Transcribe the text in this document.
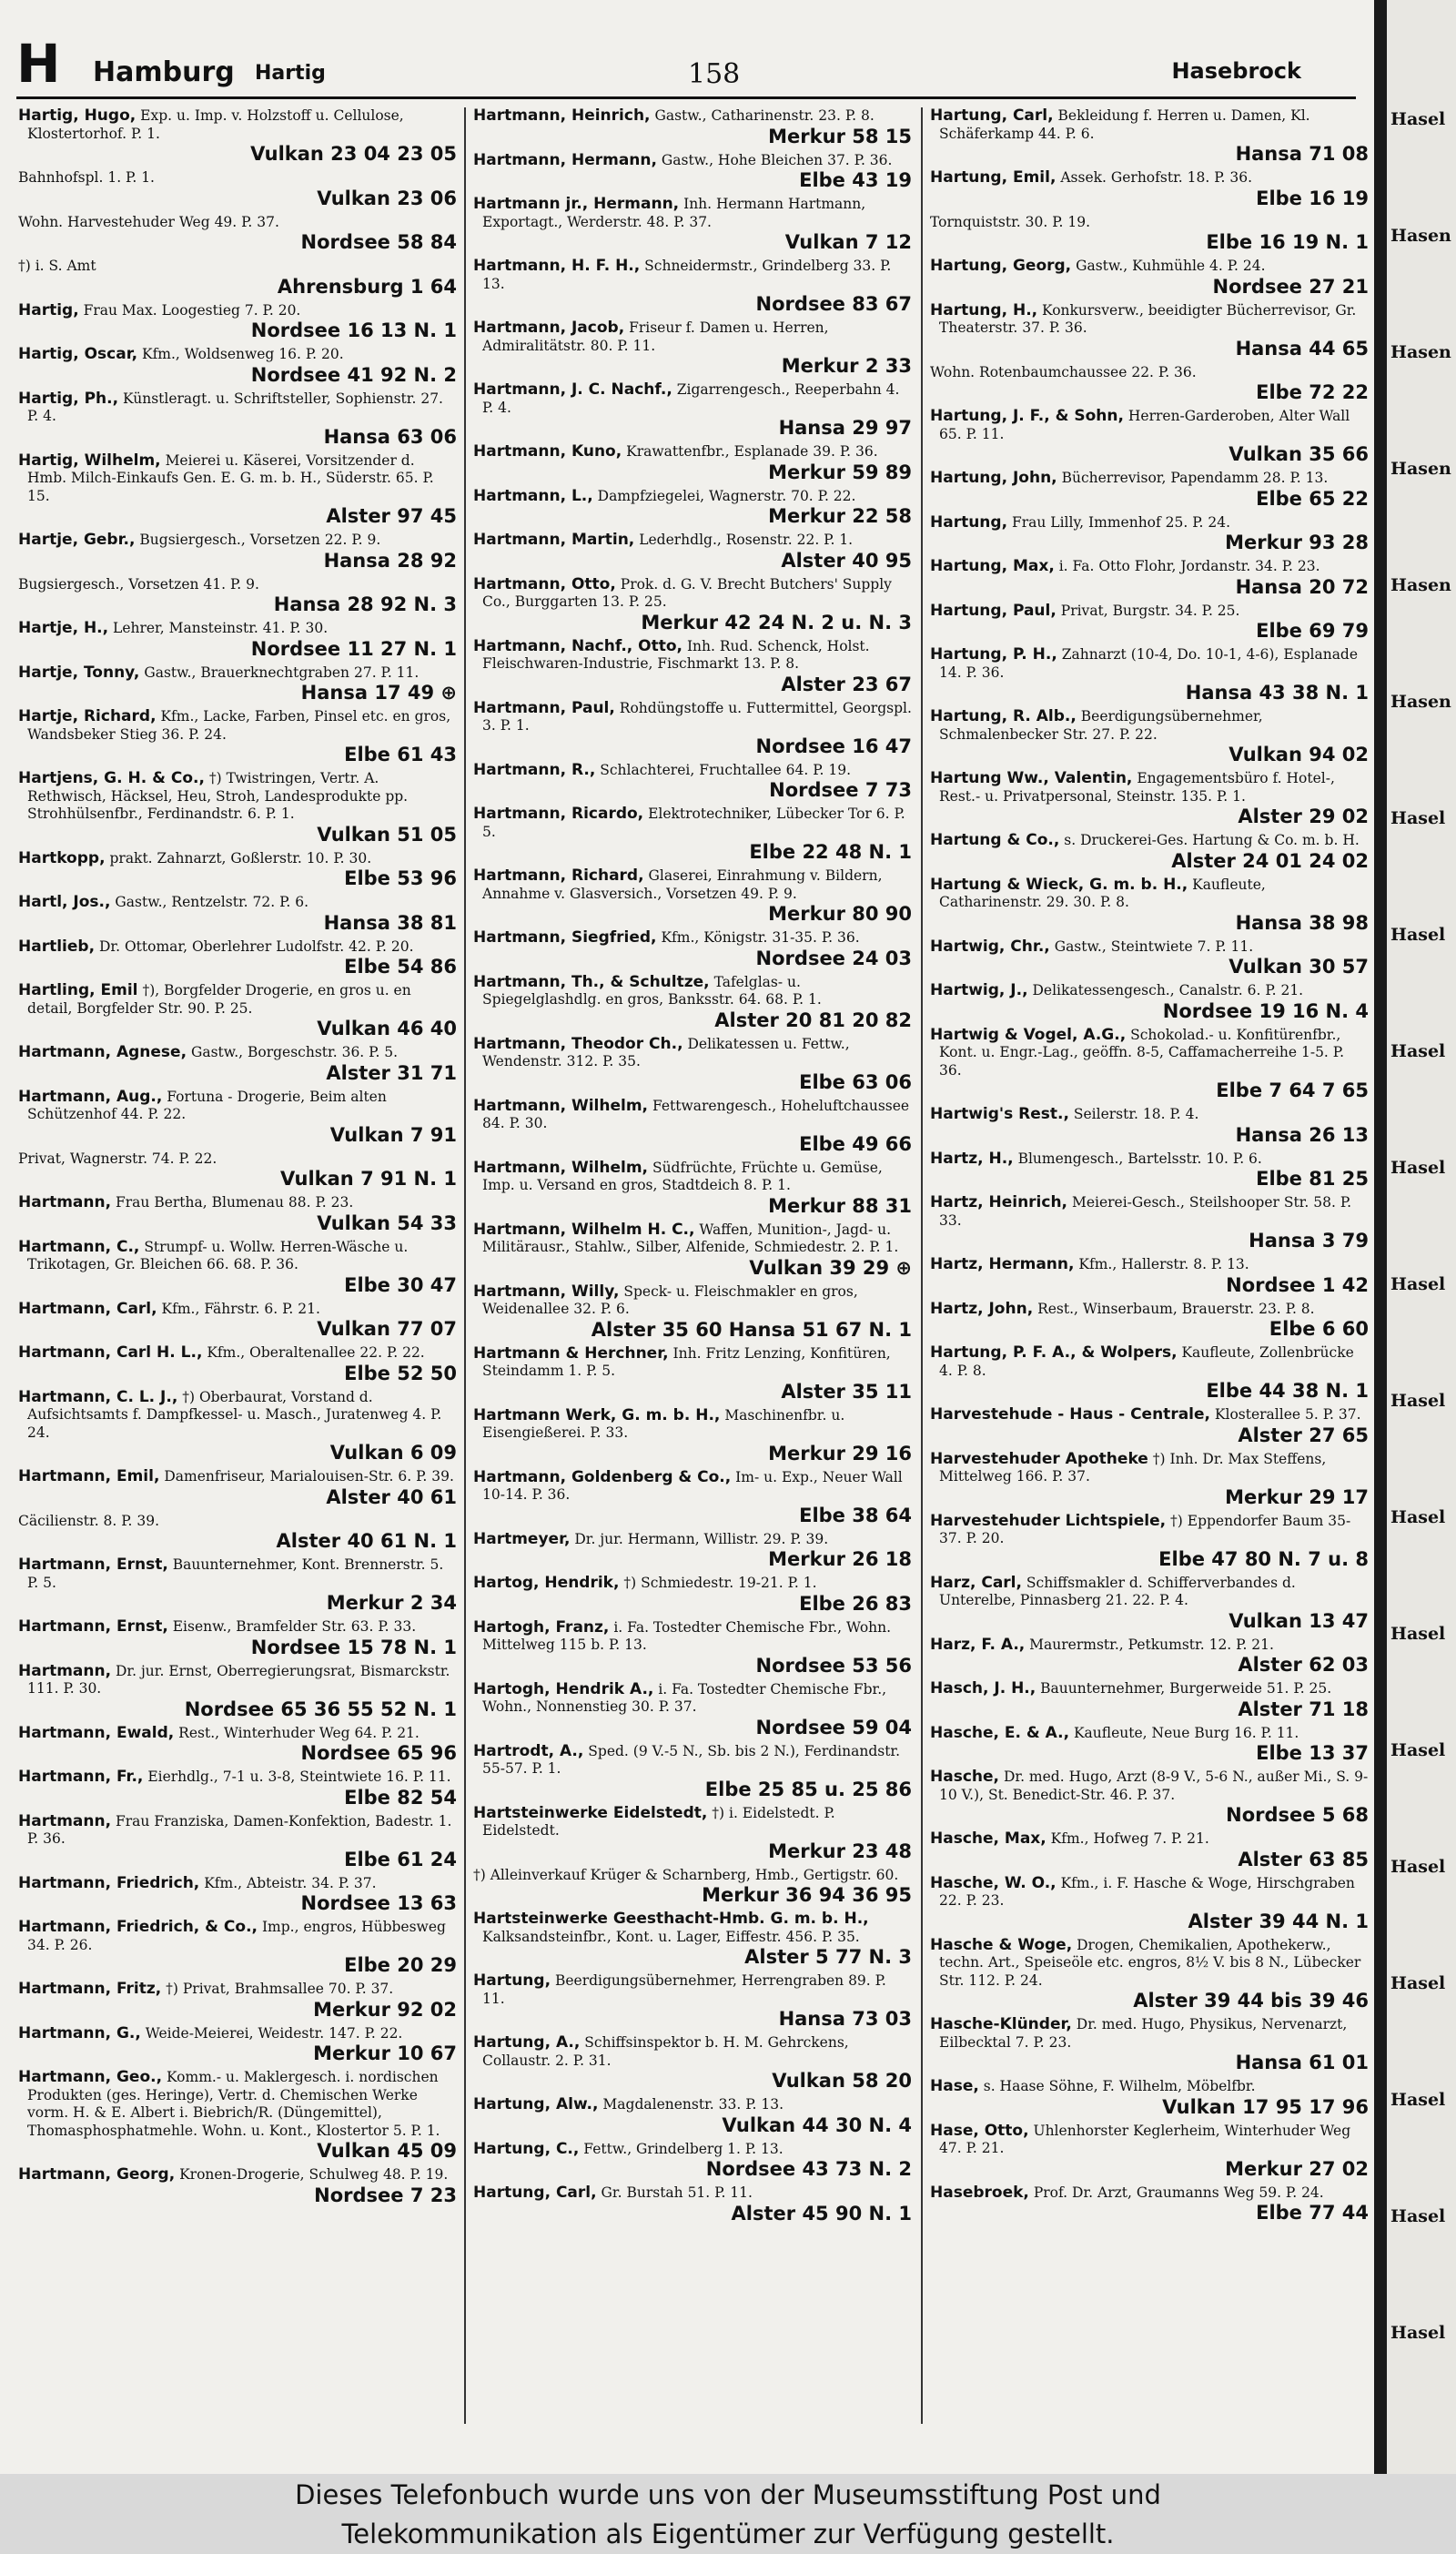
H Hamburg Hartig	158	Hasebrock
Hartig, Hugo, Exp. u. Imp. v. Holzstoff u. Cellulose, Klostertorhof. P. 1.
Vulkan 23 04 23 05
Bahnhofspl. 1. P. 1.
Vulkan 23 06
Wohn. Harvestehuder Weg 49. P. 37.
Nordsee 58 84
†) i. S. Amt
Ahrensburg 1 64
Hartig, Frau Max. Loogestieg 7. P. 20.
Nordsee 16 13 N. 1
Hartig, Oscar, Kfm., Woldsenweg 16. P. 20.
Nordsee 41 92 N. 2
Hartig, Ph., Künstleragt. u. Schriftsteller, Sophienstr. 27. P. 4.
Hansa 63 06
Hartig, Wilhelm, Meierei u. Käserei, Vorsitzender d. Hmb. Milch-Einkaufs Gen. E. G. m. b. H., Süderstr. 65. P. 15.
Alster 97 45
Hartje, Gebr., Bugsiergesch., Vorsetzen 22. P. 9.
Hansa 28 92
Bugsiergesch., Vorsetzen 41. P. 9.
Hansa 28 92 N. 3
Hartje, H., Lehrer, Mansteinstr. 41. P. 30.
Nordsee 11 27 N. 1
Hartje, Tonny, Gastw., Brauerknechtgraben 27. P. 11.
Hansa 17 49 ⊕
Hartje, Richard, Kfm., Lacke, Farben, Pinsel etc. en gros, Wandsbeker Stieg 36. P. 24.
Elbe 61 43
Hartjens, G. H. & Co., †) Twistringen, Vertr. A. Rethwisch, Häcksel, Heu, Stroh, Landesprodukte pp. Strohhülsenfbr., Ferdinandstr. 6. P. 1.
Vulkan 51 05
Hartkopp, prakt. Zahnarzt, Goßlerstr. 10. P. 30.
Elbe 53 96
Hartl, Jos., Gastw., Rentzelstr. 72. P. 6.
Hansa 38 81
Hartlieb, Dr. Ottomar, Oberlehrer Ludolfstr. 42. P. 20.
Elbe 54 86
Hartling, Emil †), Borgfelder Drogerie, en gros u. en detail, Borgfelder Str. 90. P. 25.
Vulkan 46 40
Hartmann, Agnese, Gastw., Borgeschstr. 36. P. 5.
Alster 31 71
Hartmann, Aug., Fortuna - Drogerie, Beim alten Schützenhof 44. P. 22.
Vulkan 7 91
Privat, Wagnerstr. 74. P. 22.
Vulkan 7 91 N. 1
Hartmann, Frau Bertha, Blumenau 88. P. 23.
Vulkan 54 33
Hartmann, C., Strumpf- u. Wollw. Herren-Wäsche u. Trikotagen, Gr. Bleichen 66. 68. P. 36.
Elbe 30 47
Hartmann, Carl, Kfm., Fährstr. 6. P. 21.
Vulkan 77 07
Hartmann, Carl H. L., Kfm., Oberaltenallee 22. P. 22.
Elbe 52 50
Hartmann, C. L. J., †) Oberbaurat, Vorstand d. Aufsichtsamts f. Dampfkessel- u. Masch., Juratenweg 4. P. 24.
Vulkan 6 09
Hartmann, Emil, Damenfriseur, Marialouisen-Str. 6. P. 39.
Alster 40 61
Cäcilienstr. 8. P. 39.
Alster 40 61 N. 1
Hartmann, Ernst, Bauunternehmer, Kont. Brennerstr. 5. P. 5.
Merkur 2 34
Hartmann, Ernst, Eisenw., Bramfelder Str. 63. P. 33.
Nordsee 15 78 N. 1
Hartmann, Dr. jur. Ernst, Oberregierungsrat, Bismarckstr. 111. P. 30.
Nordsee 65 36 55 52 N. 1
Hartmann, Ewald, Rest., Winterhuder Weg 64. P. 21.
Nordsee 65 96
Hartmann, Fr., Eierhdlg., 7-1 u. 3-8, Steintwiete 16. P. 11.
Elbe 82 54
Hartmann, Frau Franziska, Damen-Konfektion, Badestr. 1. P. 36.
Elbe 61 24
Hartmann, Friedrich, Kfm., Abteistr. 34. P. 37.
Nordsee 13 63
Hartmann, Friedrich, & Co., Imp., engros, Hübbesweg 34. P. 26.
Elbe 20 29
Hartmann, Fritz, †) Privat, Brahmsallee 70. P. 37.
Merkur 92 02
Hartmann, G., Weide-Meierei, Weidestr. 147. P. 22.
Merkur 10 67
Hartmann, Geo., Komm.- u. Maklergesch. i. nordischen Produkten (ges. Heringe), Vertr. d. Chemischen Werke vorm. H. & E. Albert i. Biebrich/R. (Düngemittel), Thomasphosphatmehle. Wohn. u. Kont., Klostertor 5. P. 1.
Vulkan 45 09
Hartmann, Georg, Kronen-Drogerie, Schulweg 48. P. 19.
Nordsee 7 23
Hartmann, Heinrich, Gastw., Catharinenstr. 23. P. 8.
Merkur 58 15
Hartmann, Hermann, Gastw., Hohe Bleichen 37. P. 36.
Elbe 43 19
Hartmann jr., Hermann, Inh. Hermann Hartmann, Exportagt., Werderstr. 48. P. 37.
Vulkan 7 12
Hartmann, H. F. H., Schneidermstr., Grindelberg 33. P. 13.
Nordsee 83 67
Hartmann, Jacob, Friseur f. Damen u. Herren, Admiralitätstr. 80. P. 11.
Merkur 2 33
Hartmann, J. C. Nachf., Zigarrengesch., Reeperbahn 4. P. 4.
Hansa 29 97
Hartmann, Kuno, Krawattenfbr., Esplanade 39. P. 36.
Merkur 59 89
Hartmann, L., Dampfziegelei, Wagnerstr. 70. P. 22.
Merkur 22 58
Hartmann, Martin, Lederhdlg., Rosenstr. 22. P. 1.
Alster 40 95
Hartmann, Otto, Prok. d. G. V. Brecht Butchers' Supply Co., Burggarten 13. P. 25.
Merkur 42 24 N. 2 u. N. 3
Hartmann, Nachf., Otto, Inh. Rud. Schenck, Holst. Fleischwaren-Industrie, Fischmarkt 13. P. 8.
Alster 23 67
Hartmann, Paul, Rohdüngstoffe u. Futtermittel, Georgspl. 3. P. 1.
Nordsee 16 47
Hartmann, R., Schlachterei, Fruchtallee 64. P. 19.
Nordsee 7 73
Hartmann, Ricardo, Elektrotechniker, Lübecker Tor 6. P. 5.
Elbe 22 48 N. 1
Hartmann, Richard, Glaserei, Einrahmung v. Bildern, Annahme v. Glasversich., Vorsetzen 49. P. 9.
Merkur 80 90
Hartmann, Siegfried, Kfm., Königstr. 31-35. P. 36.
Nordsee 24 03
Hartmann, Th., & Schultze, Tafelglas- u. Spiegelglashdlg. en gros, Banksstr. 64. 68. P. 1.
Alster 20 81 20 82
Hartmann, Theodor Ch., Delikatessen u. Fettw., Wendenstr. 312. P. 35.
Elbe 63 06
Hartmann, Wilhelm, Fettwarengesch., Hoheluftchaussee 84. P. 30.
Elbe 49 66
Hartmann, Wilhelm, Südfrüchte, Früchte u. Gemüse, Imp. u. Versand en gros, Stadtdeich 8. P. 1.
Merkur 88 31
Hartmann, Wilhelm H. C., Waffen, Munition-, Jagd- u. Militärausr., Stahlw., Silber, Alfenide, Schmiedestr. 2. P. 1.
Vulkan 39 29 ⊕
Hartmann, Willy, Speck- u. Fleischmakler en gros, Weidenallee 32. P. 6.
Alster 35 60 Hansa 51 67 N. 1
Hartmann & Herchner, Inh. Fritz Lenzing, Konfitüren, Steindamm 1. P. 5.
Alster 35 11
Hartmann Werk, G. m. b. H., Maschinenfbr. u. Eisengießerei. P. 33.
Merkur 29 16
Hartmann, Goldenberg & Co., Im- u. Exp., Neuer Wall 10-14. P. 36.
Elbe 38 64
Hartmeyer, Dr. jur. Hermann, Willistr. 29. P. 39.
Merkur 26 18
Hartog, Hendrik, †) Schmiedestr. 19-21. P. 1.
Elbe 26 83
Hartogh, Franz, i. Fa. Tostedter Chemische Fbr., Wohn. Mittelweg 115 b. P. 13.
Nordsee 53 56
Hartogh, Hendrik A., i. Fa. Tostedter Chemische Fbr., Wohn., Nonnenstieg 30. P. 37.
Nordsee 59 04
Hartrodt, A., Sped. (9 V.-5 N., Sb. bis 2 N.), Ferdinandstr. 55-57. P. 1.
Elbe 25 85 u. 25 86
Hartsteinwerke Eidelstedt, †) i. Eidelstedt. P. Eidelstedt.
Merkur 23 48
†) Alleinverkauf Krüger & Scharnberg, Hmb., Gertigstr. 60.
Merkur 36 94 36 95
Hartsteinwerke Geesthacht-Hmb. G. m. b. H., Kalksandsteinfbr., Kont. u. Lager, Eiffestr. 456. P. 35.
Alster 5 77 N. 3
Hartung, Beerdigungsübernehmer, Herrengraben 89. P. 11.
Hansa 73 03
Hartung, A., Schiffsinspektor b. H. M. Gehrckens, Collaustr. 2. P. 31.
Vulkan 58 20
Hartung, Alw., Magdalenenstr. 33. P. 13.
Vulkan 44 30 N. 4
Hartung, C., Fettw., Grindelberg 1. P. 13.
Nordsee 43 73 N. 2
Hartung, Carl, Gr. Burstah 51. P. 11.
Alster 45 90 N. 1
Hartung, Carl, Bekleidung f. Herren u. Damen, Kl. Schäferkamp 44. P. 6.
Hansa 71 08
Hartung, Emil, Assek. Gerhofstr. 18. P. 36.
Elbe 16 19
Tornquiststr. 30. P. 19.
Elbe 16 19 N. 1
Hartung, Georg, Gastw., Kuhmühle 4. P. 24.
Nordsee 27 21
Hartung, H., Konkursverw., beeidigter Bücherrevisor, Gr. Theaterstr. 37. P. 36.
Hansa 44 65
Wohn. Rotenbaumchaussee 22. P. 36.
Elbe 72 22
Hartung, J. F., & Sohn, Herren-Garderoben, Alter Wall 65. P. 11.
Vulkan 35 66
Hartung, John, Bücherrevisor, Papendamm 28. P. 13.
Elbe 65 22
Hartung, Frau Lilly, Immenhof 25. P. 24.
Merkur 93 28
Hartung, Max, i. Fa. Otto Flohr, Jordanstr. 34. P. 23.
Hansa 20 72
Hartung, Paul, Privat, Burgstr. 34. P. 25.
Elbe 69 79
Hartung, P. H., Zahnarzt (10-4, Do. 10-1, 4-6), Esplanade 14. P. 36.
Hansa 43 38 N. 1
Hartung, R. Alb., Beerdigungsübernehmer, Schmalenbecker Str. 27. P. 22.
Vulkan 94 02
Hartung Ww., Valentin, Engagementsbüro f. Hotel-, Rest.- u. Privatpersonal, Steinstr. 135. P. 1.
Alster 29 02
Hartung & Co., s. Druckerei-Ges. Hartung & Co. m. b. H.
Alster 24 01 24 02
Hartung & Wieck, G. m. b. H., Kaufleute, Catharinenstr. 29. 30. P. 8.
Hansa 38 98
Hartwig, Chr., Gastw., Steintwiete 7. P. 11.
Vulkan 30 57
Hartwig, J., Delikatessengesch., Canalstr. 6. P. 21.
Nordsee 19 16 N. 4
Hartwig & Vogel, A.G., Schokolad.- u. Konfitürenfbr., Kont. u. Engr.-Lag., geöffn. 8-5, Caffamacherreihe 1-5. P. 36.
Elbe 7 64 7 65
Hartwig's Rest., Seilerstr. 18. P. 4.
Hansa 26 13
Hartz, H., Blumengesch., Bartelsstr. 10. P. 6.
Elbe 81 25
Hartz, Heinrich, Meierei-Gesch., Steilshooper Str. 58. P. 33.
Hansa 3 79
Hartz, Hermann, Kfm., Hallerstr. 8. P. 13.
Nordsee 1 42
Hartz, John, Rest., Winserbaum, Brauerstr. 23. P. 8.
Elbe 6 60
Hartung, P. F. A., & Wolpers, Kaufleute, Zollenbrücke 4. P. 8.
Elbe 44 38 N. 1
Harvestehude - Haus - Centrale, Klosterallee 5. P. 37.
Alster 27 65
Harvestehuder Apotheke †) Inh. Dr. Max Steffens, Mittelweg 166. P. 37.
Merkur 29 17
Harvestehuder Lichtspiele, †) Eppendorfer Baum 35-37. P. 20.
Elbe 47 80 N. 7 u. 8
Harz, Carl, Schiffsmakler d. Schifferverbandes d. Unterelbe, Pinnasberg 21. 22. P. 4.
Vulkan 13 47
Harz, F. A., Maurermstr., Petkumstr. 12. P. 21.
Alster 62 03
Hasch, J. H., Bauunternehmer, Burgerweide 51. P. 25.
Alster 71 18
Hasche, E. & A., Kaufleute, Neue Burg 16. P. 11.
Elbe 13 37
Hasche, Dr. med. Hugo, Arzt (8-9 V., 5-6 N., außer Mi., S. 9-10 V.), St. Benedict-Str. 46. P. 37.
Nordsee 5 68
Hasche, Max, Kfm., Hofweg 7. P. 21.
Alster 63 85
Hasche, W. O., Kfm., i. F. Hasche & Woge, Hirschgraben 22. P. 23.
Alster 39 44 N. 1
Hasche & Woge, Drogen, Chemikalien, Apothekerw., techn. Art., Speiseöle etc. engros, 8½ V. bis 8 N., Lübecker Str. 112. P. 24.
Alster 39 44 bis 39 46
Hasche-Klünder, Dr. med. Hugo, Physikus, Nervenarzt, Eilbecktal 7. P. 23.
Hansa 61 01
Hase, s. Haase Söhne, F. Wilhelm, Möbelfbr.
Vulkan 17 95 17 96
Hase, Otto, Uhlenhorster Keglerheim, Winterhuder Weg 47. P. 21.
Merkur 27 02
Hasebroek, Prof. Dr. Arzt, Graumanns Weg 59. P. 24.
Elbe 77 44
Hasel
Hasen
Hasen
Hasen
Hasen
Hasen
Hasel
Hasel
Hasel
Hasel
Hasel
Hasel
Hasel
Hasel
Hasel
Hasel
Hasel
Hasel
Hasel
Hasel
Dieses Telefonbuch wurde uns von der Museumsstiftung Post und
Telekommunikation als Eigentümer zur Verfügung gestellt.
